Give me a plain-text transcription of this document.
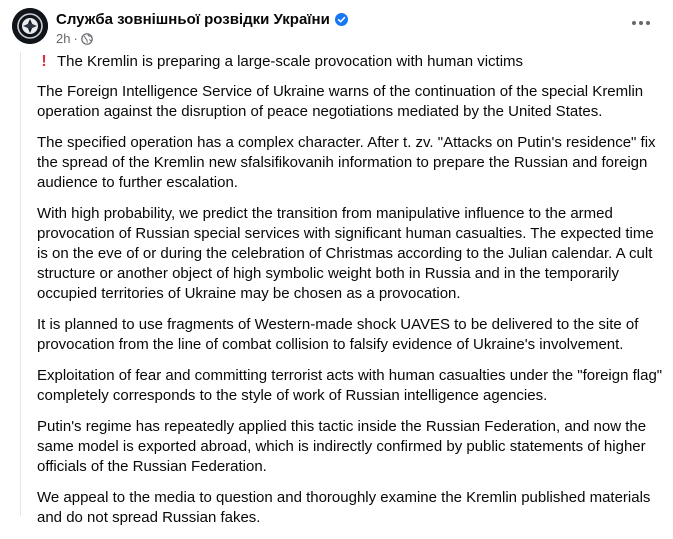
Служба зовнішньої розвідки України
2h ·
! The Kremlin is preparing a large-scale provocation with human victims

The Foreign Intelligence Service of Ukraine warns of the continuation of the special Kremlin operation against the disruption of peace negotiations mediated by the United States.

The specified operation has a complex character. After t. zv. "Attacks on Putin's residence" fix the spread of the Kremlin new sfalsifikovanih information to prepare the Russian and foreign audience to further escalation.

With high probability, we predict the transition from manipulative influence to the armed provocation of Russian special services with significant human casualties. The expected time is on the eve of or during the celebration of Christmas according to the Julian calendar. A cult structure or another object of high symbolic weight both in Russia and in the temporarily occupied territories of Ukraine may be chosen as a provocation.

It is planned to use fragments of Western-made shock UAVES to be delivered to the site of provocation from the line of combat collision to falsify evidence of Ukraine's involvement.

Exploitation of fear and committing terrorist acts with human casualties under the "foreign flag" completely corresponds to the style of work of Russian intelligence agencies.

Putin's regime has repeatedly applied this tactic inside the Russian Federation, and now the same model is exported abroad, which is indirectly confirmed by public statements of higher officials of the Russian Federation.

We appeal to the media to question and thoroughly examine the Kremlin published materials and do not spread Russian fakes.
